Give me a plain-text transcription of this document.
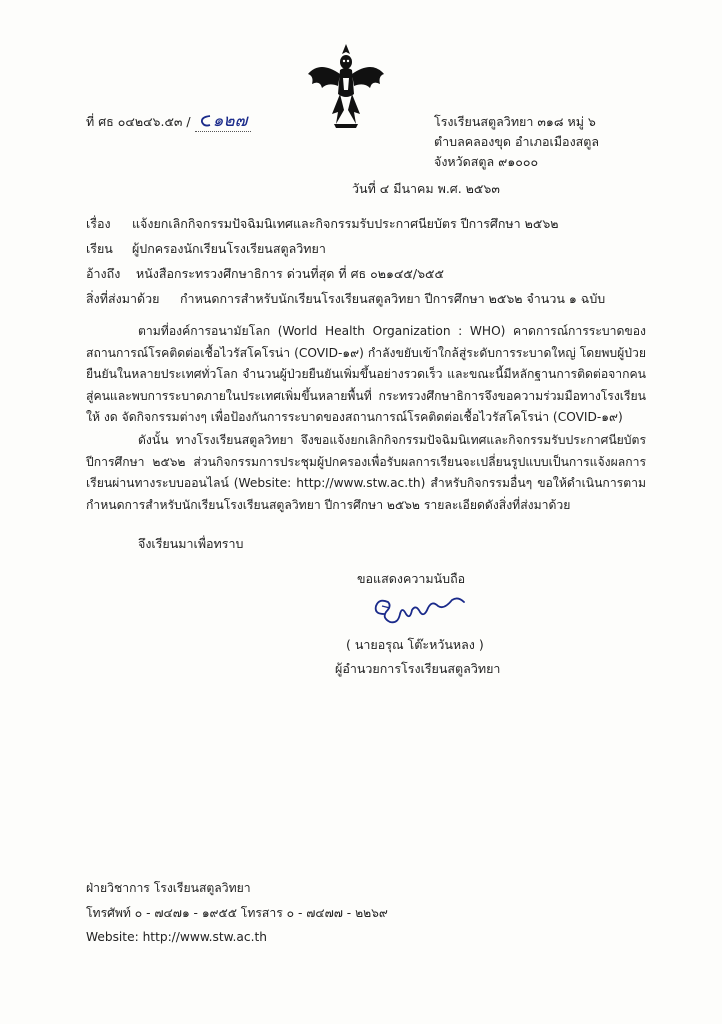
ที่ ศธ ๐๔๒๔๖.๕๓ / ๑๒๗	โรงเรียนสตูลวิทยา ๓๑๘ หมู่ ๖
ตำบลคลองขุด อำเภอเมืองสตูล
จังหวัดสตูล ๙๑๐๐๐
วันที่ ๔ มีนาคม พ.ศ. ๒๕๖๓
เรื่อง แจ้งยกเลิกกิจกรรมปัจฉิมนิเทศและกิจกรรมรับประกาศนียบัตร ปีการศึกษา ๒๕๖๒
เรียน ผู้ปกครองนักเรียนโรงเรียนสตูลวิทยา
อ้างถึง หนังสือกระทรวงศึกษาธิการ ด่วนที่สุด ที่ ศธ ๐๒๑๔๕/๖๕๕
สิ่งที่ส่งมาด้วย กำหนดการสำหรับนักเรียนโรงเรียนสตูลวิทยา ปีการศึกษา ๒๕๖๒ จำนวน ๑ ฉบับ
ตามที่องค์การอนามัยโลก (World Health Organization : WHO) คาดการณ์การระบาดของสถานการณ์โรคติดต่อเชื้อไวรัสโคโรน่า (COVID-๑๙) กำลังขยับเข้าใกล้สู่ระดับการระบาดใหญ่ โดยพบผู้ป่วยยืนยันในหลายประเทศทั่วโลก จำนวนผู้ป่วยยืนยันเพิ่มขึ้นอย่างรวดเร็ว และขณะนี้มีหลักฐานการติดต่อจากคนสู่คนและพบการระบาดภายในประเทศเพิ่มขึ้นหลายพื้นที่ กระทรวงศึกษาธิการจึงขอความร่วมมือทางโรงเรียนให้ งด จัดกิจกรรมต่างๆ เพื่อป้องกันการระบาดของสถานการณ์โรคติดต่อเชื้อไวรัสโคโรน่า (COVID-๑๙)
ดังนั้น ทางโรงเรียนสตูลวิทยา จึงขอแจ้งยกเลิกกิจกรรมปัจฉิมนิเทศและกิจกรรมรับประกาศนียบัตร ปีการศึกษา ๒๕๖๒ ส่วนกิจกรรมการประชุมผู้ปกครองเพื่อรับผลการเรียนจะเปลี่ยนรูปแบบเป็นการแจ้งผลการเรียนผ่านทางระบบออนไลน์ (Website: http://www.stw.ac.th) สำหรับกิจกรรมอื่นๆ ขอให้ดำเนินการตามกำหนดการสำหรับนักเรียนโรงเรียนสตูลวิทยา ปีการศึกษา ๒๕๖๒ รายละเอียดดังสิ่งที่ส่งมาด้วย
จึงเรียนมาเพื่อทราบ
ขอแสดงความนับถือ
( นายอรุณ โต๊ะหวันหลง )
ผู้อำนวยการโรงเรียนสตูลวิทยา
ฝ่ายวิชาการ โรงเรียนสตูลวิทยา
โทรศัพท์ ๐ - ๗๔๗๑ - ๑๙๕๕ โทรสาร ๐ - ๗๔๗๗ - ๒๒๖๙
Website: http://www.stw.ac.th
